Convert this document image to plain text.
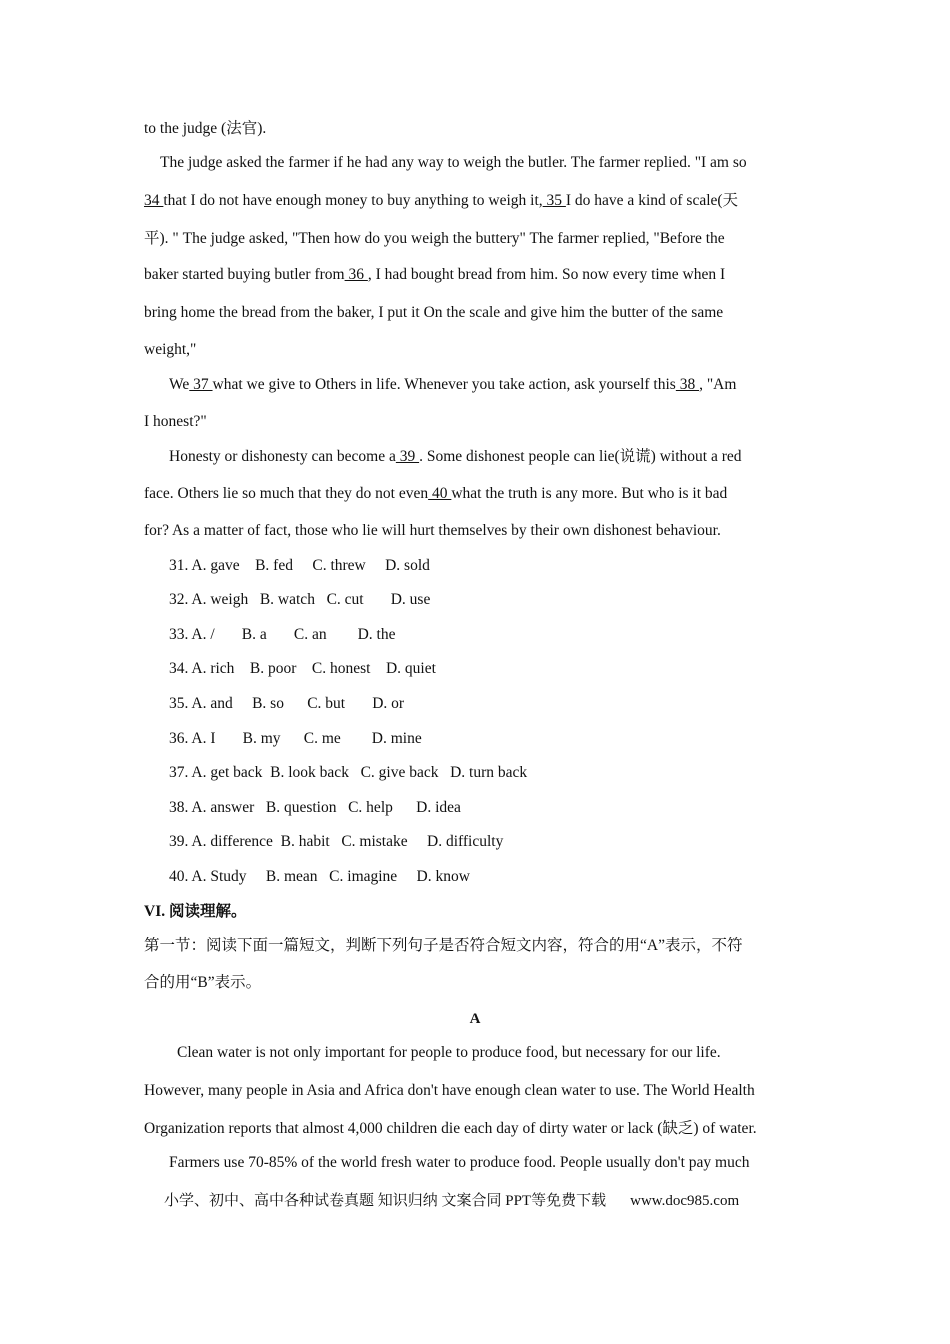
to the judge (法官).
The judge asked the farmer if he had any way to weigh the butler. The farmer replied. "I am so
34 that I do not have enough money to buy anything to weigh it, 35 I do have a kind of scale(天
平). " The judge asked, "Then how do you weigh the buttery" The farmer replied, "Before the
baker started buying butler from 36 , I had bought bread from him. So now every time when I
bring home the bread from the baker, I put it On the scale and give him the butter of the same
weight,"
We 37 what we give to Others in life. Whenever you take action, ask yourself this 38 , "Am
I honest?"
Honesty or dishonesty can become a 39 . Some dishonest people can lie(说谎) without a red
face. Others lie so much that they do not even 40 what the truth is any more. But who is it bad
for? As a matter of fact, those who lie will hurt themselves by their own dishonest behaviour.
31. A. gave    B. fed     C. threw     D. sold
32. A. weigh   B. watch   C. cut       D. use
33. A. /       B. a       C. an        D. the
34. A. rich    B. poor    C. honest    D. quiet
35. A. and     B. so      C. but       D. or
36. A. I       B. my      C. me        D. mine
37. A. get back  B. look back   C. give back   D. turn back
38. A. answer   B. question   C. help      D. idea
39. A. difference  B. habit   C. mistake     D. difficulty
40. A. Study     B. mean   C. imagine     D. know
VI. 阅读理解。
第一节：阅读下面一篇短文，判断下列句子是否符合短文内容，符合的用“A”表示，不符
合的用“B”表示。
A
Clean water is not only important for people to produce food, but necessary for our life.
However, many people in Asia and Africa don't have enough clean water to use. The World Health
Organization reports that almost 4,000 children die each day of dirty water or lack (缺乏) of water.
Farmers use 70-85% of the world fresh water to produce food. People usually don't pay much
小学、初中、高中各种试卷真题 知识归纳 文案合同 PPT等免费下载 www.doc985.com
